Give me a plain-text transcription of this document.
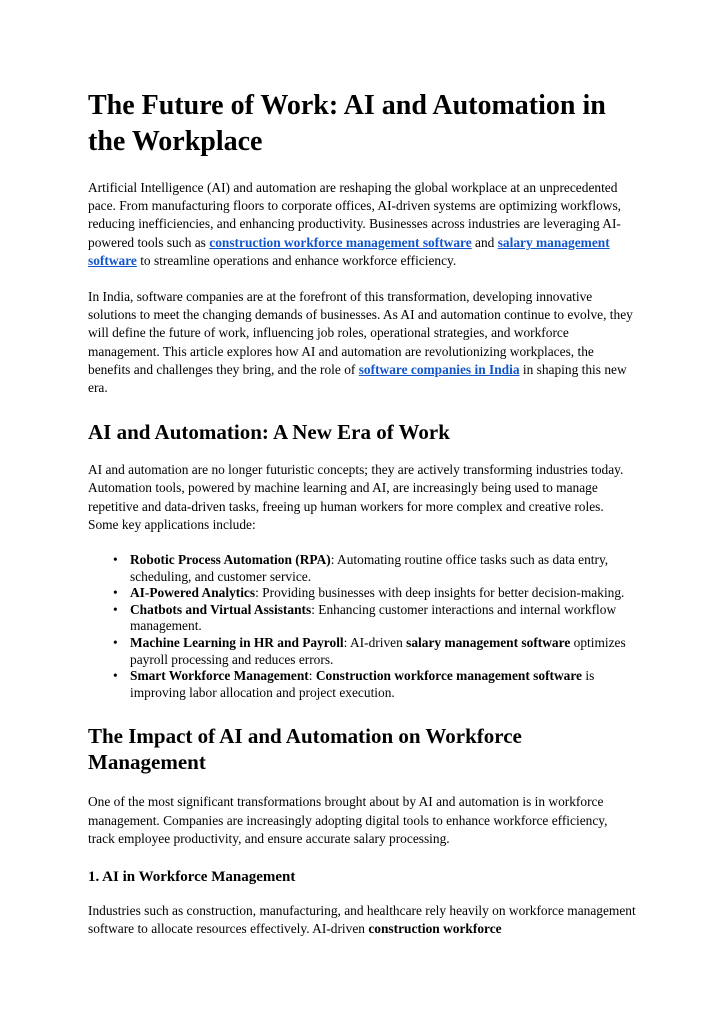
The Future of Work: AI and Automation in the Workplace

Artificial Intelligence (AI) and automation are reshaping the global workplace at an unprecedented pace. From manufacturing floors to corporate offices, AI-driven systems are optimizing workflows, reducing inefficiencies, and enhancing productivity. Businesses across industries are leveraging AI-powered tools such as construction workforce management software and salary management software to streamline operations and enhance workforce efficiency.

In India, software companies are at the forefront of this transformation, developing innovative solutions to meet the changing demands of businesses. As AI and automation continue to evolve, they will define the future of work, influencing job roles, operational strategies, and workforce management. This article explores how AI and automation are revolutionizing workplaces, the benefits and challenges they bring, and the role of software companies in India in shaping this new era.

AI and Automation: A New Era of Work

AI and automation are no longer futuristic concepts; they are actively transforming industries today. Automation tools, powered by machine learning and AI, are increasingly being used to manage repetitive and data-driven tasks, freeing up human workers for more complex and creative roles. Some key applications include:

• Robotic Process Automation (RPA): Automating routine office tasks such as data entry, scheduling, and customer service.
• AI-Powered Analytics: Providing businesses with deep insights for better decision-making.
• Chatbots and Virtual Assistants: Enhancing customer interactions and internal workflow management.
• Machine Learning in HR and Payroll: AI-driven salary management software optimizes payroll processing and reduces errors.
• Smart Workforce Management: Construction workforce management software is improving labor allocation and project execution.
The Impact of AI and Automation on Workforce Management

One of the most significant transformations brought about by AI and automation is in workforce management. Companies are increasingly adopting digital tools to enhance workforce efficiency, track employee productivity, and ensure accurate salary processing.

1. AI in Workforce Management

Industries such as construction, manufacturing, and healthcare rely heavily on workforce management software to allocate resources effectively. AI-driven construction workforce
